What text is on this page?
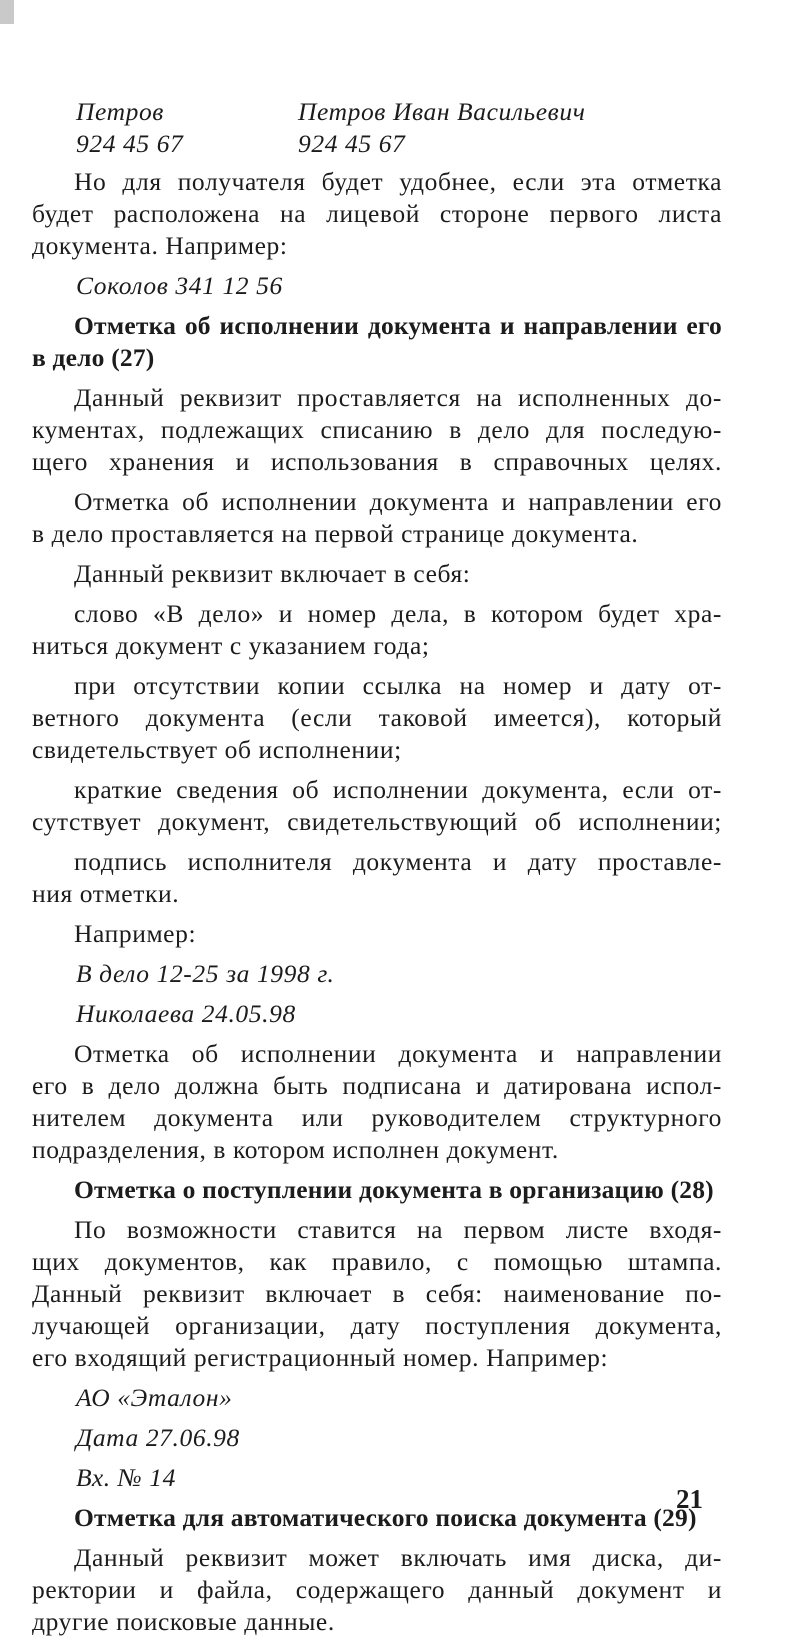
Петров	Петров Иван Васильевич
924 45 67	924 45 67

Но для получателя будет удобнее, если эта отметка
будет расположена на лицевой стороне первого листа
документа. Например:

Соколов 341 12 56

Отметка об исполнении документа и направлении его
в дело (27)

Данный реквизит проставляется на исполненных до-
кументах, подлежащих списанию в дело для последую-
щего хранения и использования в справочных целях.

Отметка об исполнении документа и направлении его
в дело проставляется на первой странице документа.

Данный реквизит включает в себя:

слово «В дело» и номер дела, в котором будет хра-
ниться документ с указанием года;

при отсутствии копии ссылка на номер и дату от-
ветного документа (если таковой имеется), который
свидетельствует об исполнении;

краткие сведения об исполнении документа, если от-
сутствует документ, свидетельствующий об исполнении;

подпись исполнителя документа и дату проставле-
ния отметки.

Например:

В дело 12-25 за 1998 г.

Николаева 24.05.98

Отметка об исполнении документа и направлении
его в дело должна быть подписана и датирована испол-
нителем документа или руководителем структурного
подразделения, в котором исполнен документ.

Отметка о поступлении документа в организацию (28)

По возможности ставится на первом листе входя-
щих документов, как правило, с помощью штампа.
Данный реквизит включает в себя: наименование по-
лучающей организации, дату поступления документа,
его входящий регистрационный номер. Например:

АО «Эталон»

Дата 27.06.98

Вх. № 14

Отметка для автоматического поиска документа (29)

Данный реквизит может включать имя диска, ди-
ректории и файла, содержащего данный документ и
другие поисковые данные.

21
